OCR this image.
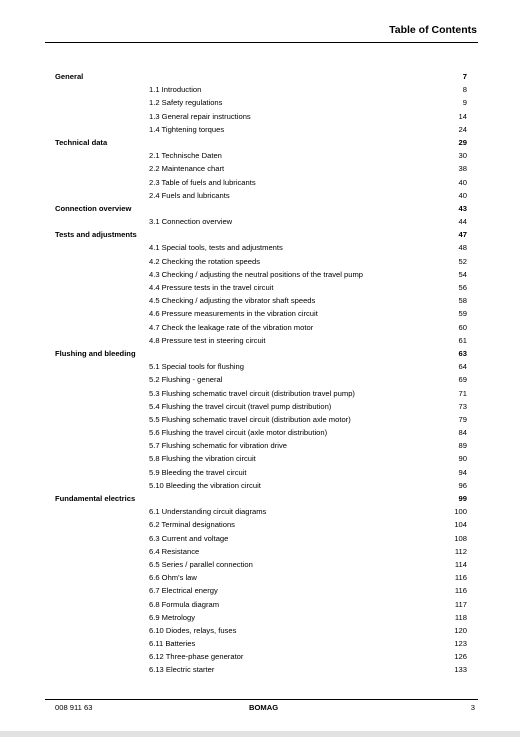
Table of Contents
General	7
1.1 Introduction	8
1.2 Safety regulations	9
1.3 General repair instructions	14
1.4 Tightening torques	24
Technical data	29
2.1 Technische Daten	30
2.2 Maintenance chart	38
2.3 Table of fuels and lubricants	40
2.4 Fuels and lubricants	40
Connection overview	43
3.1 Connection overview	44
Tests and adjustments	47
4.1 Special tools, tests and adjustments	48
4.2 Checking the rotation speeds	52
4.3 Checking / adjusting the neutral positions of the travel pump	54
4.4 Pressure tests in the travel circuit	56
4.5 Checking / adjusting the vibrator shaft speeds	58
4.6 Pressure measurements in the vibration circuit	59
4.7 Check the leakage rate of the vibration motor	60
4.8 Pressure test in steering circuit	61
Flushing and bleeding	63
5.1 Special tools for flushing	64
5.2 Flushing - general	69
5.3 Flushing schematic travel circuit (distribution travel pump)	71
5.4 Flushing the travel circuit (travel pump distribution)	73
5.5 Flushing schematic travel circuit (distribution axle motor)	79
5.6 Flushing the travel circuit (axle motor distribution)	84
5.7 Flushing schematic for vibration drive	89
5.8 Flushing the vibration circuit	90
5.9 Bleeding the travel circuit	94
5.10 Bleeding the vibration circuit	96
Fundamental electrics	99
6.1 Understanding circuit diagrams	100
6.2 Terminal designations	104
6.3 Current and voltage	108
6.4 Resistance	112
6.5 Series / parallel connection	114
6.6 Ohm's law	116
6.7 Electrical energy	116
6.8 Formula diagram	117
6.9 Metrology	118
6.10 Diodes, relays, fuses	120
6.11 Batteries	123
6.12 Three-phase generator	126
6.13 Electric starter	133
008 911 63	BOMAG	3
